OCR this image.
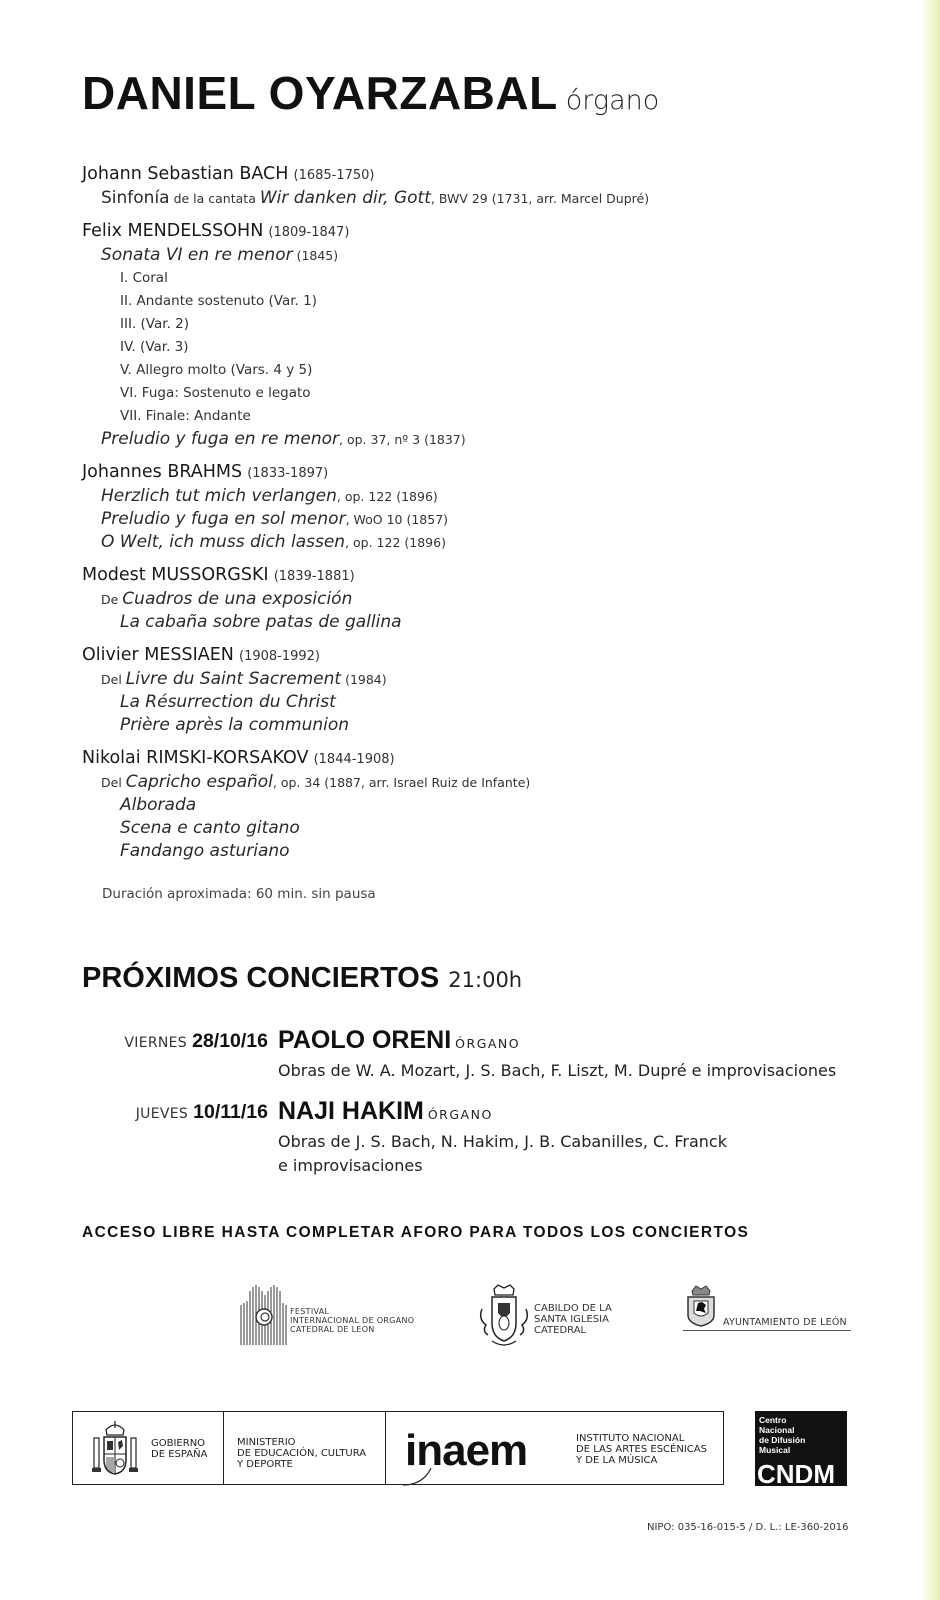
DANIEL OYARZABAL órgano
Johann Sebastian BACH (1685-1750)
Sinfonía de la cantata Wir danken dir, Gott, BWV 29 (1731, arr. Marcel Dupré)
Felix MENDELSSOHN (1809-1847)
Sonata VI en re menor (1845)
I. Coral
II. Andante sostenuto (Var. 1)
III. (Var. 2)
IV. (Var. 3)
V. Allegro molto (Vars. 4 y 5)
VI. Fuga: Sostenuto e legato
VII. Finale: Andante
Preludio y fuga en re menor, op. 37, nº 3 (1837)
Johannes BRAHMS (1833-1897)
Herzlich tut mich verlangen, op. 122 (1896)
Preludio y fuga en sol menor, WoO 10 (1857)
O Welt, ich muss dich lassen, op. 122 (1896)
Modest MUSSORGSKI (1839-1881)
De Cuadros de una exposición
La cabaña sobre patas de gallina
Olivier MESSIAEN (1908-1992)
Del Livre du Saint Sacrement (1984)
La Résurrection du Christ
Prière après la communion
Nikolai RIMSKI-KORSAKOV (1844-1908)
Del Capricho español, op. 34 (1887, arr. Israel Ruiz de Infante)
Alborada
Scena e canto gitano
Fandango asturiano
Duración aproximada: 60 min. sin pausa
PRÓXIMOS CONCIERTOS 21:00h
VIERNES 28/10/16 PAOLO ORENI ÓRGANO
Obras de W. A. Mozart, J. S. Bach, F. Liszt, M. Dupré e improvisaciones
JUEVES 10/11/16 NAJI HAKIM ÓRGANO
Obras de J. S. Bach, N. Hakim, J. B. Cabanilles, C. Franck
e improvisaciones
ACCESO LIBRE HASTA COMPLETAR AFORO PARA TODOS LOS CONCIERTOS
FESTIVAL
INTERNACIONAL DE ORGANO
CATEDRAL DE LEON
CABILDO DE LA
SANTA IGLESIA
CATEDRAL
AYUNTAMIENTO DE LEÓN
GOBIERNO
DE ESPAÑA
MINISTERIO
DE EDUCACIÓN, CULTURA
Y DEPORTE	inaem	INSTITUTO NACIONAL
DE LAS ARTES ESCÉNICAS
Y DE LA MÚSICA
Centro
Nacional
de Difusión
Musical
CNDM
NIPO: 035-16-015-5 / D. L.: LE-360-2016
